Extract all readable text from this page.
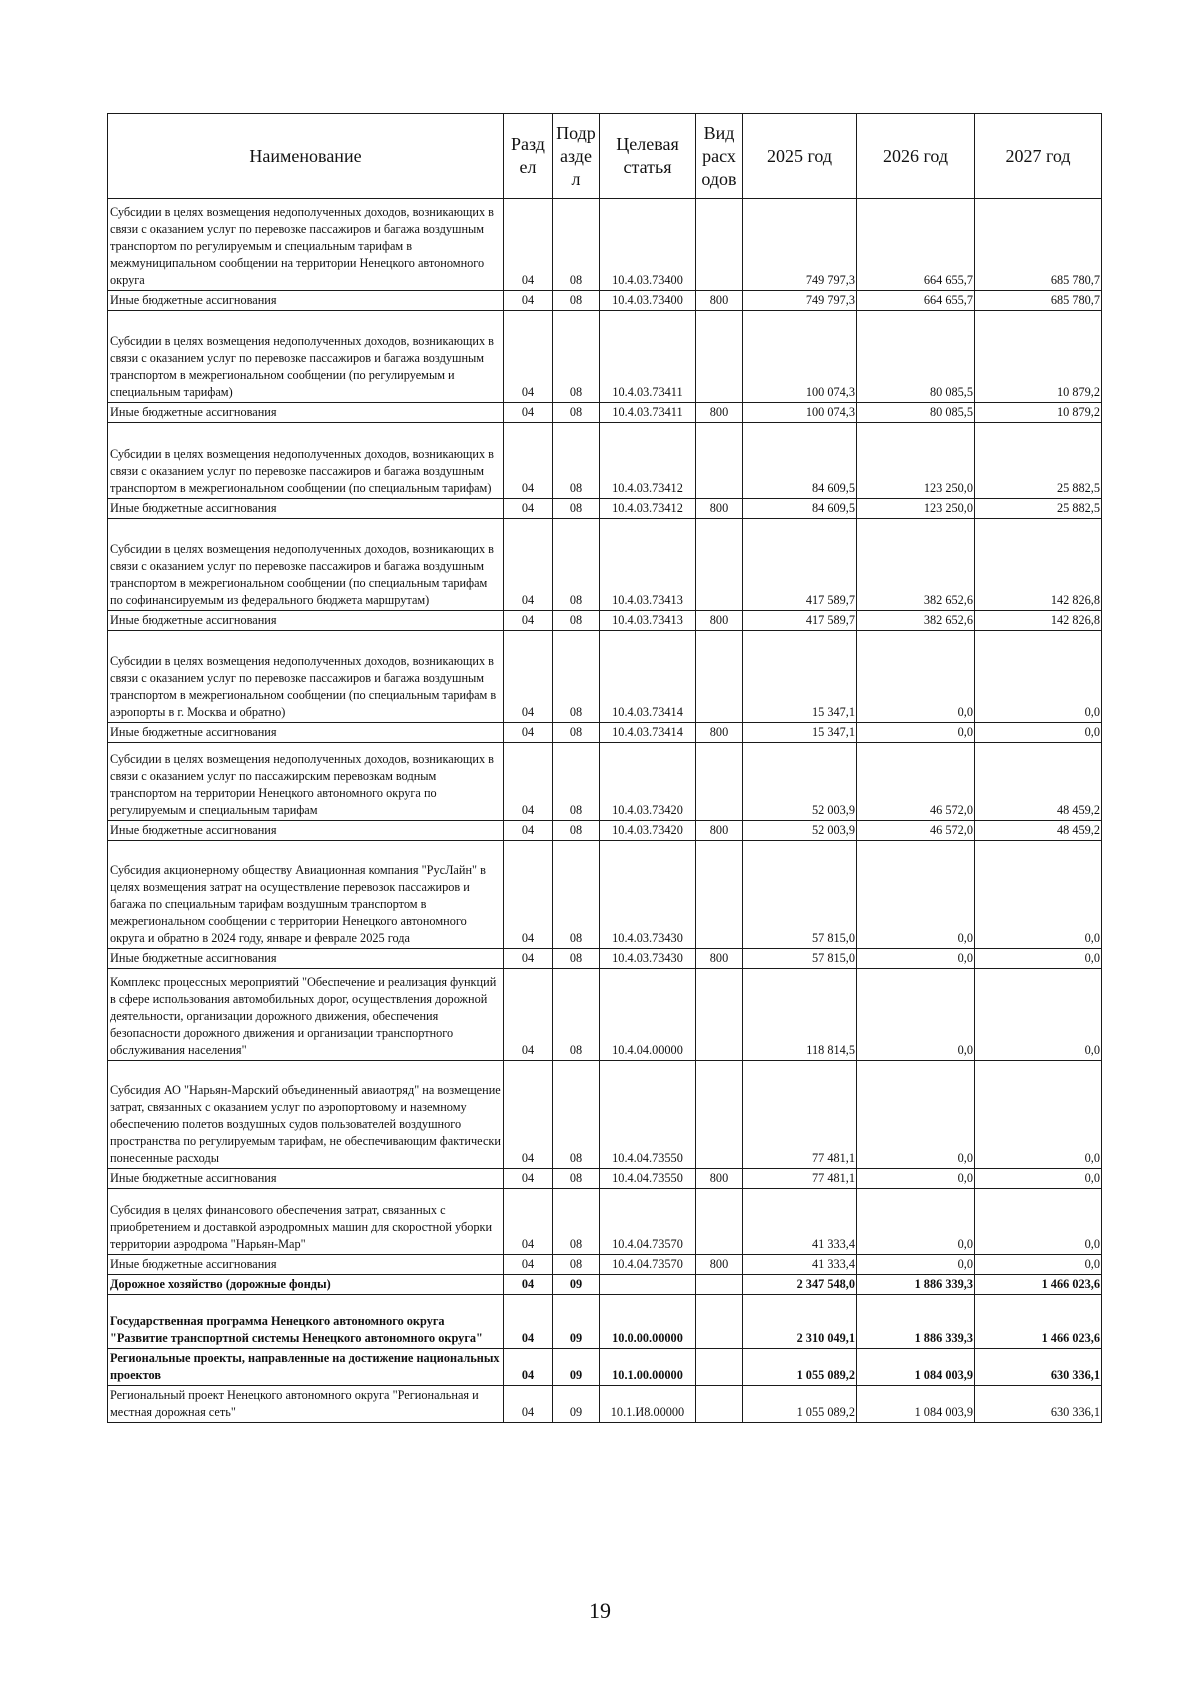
Наименование	Разд ел	Подр азде л	Целевая статья	Вид расх одов	2025 год	2026 год	2027 год
Субсидии в целях возмещения недополученных доходов, возникающих в связи с оказанием услуг по перевозке пассажиров и багажа воздушным транспортом по регулируемым и специальным тарифам в межмуниципальном сообщении на территории Ненецкого автономного округа	04	08	10.4.03.73400		749 797,3	664 655,7	685 780,7
Иные бюджетные ассигнования	04	08	10.4.03.73400	800	749 797,3	664 655,7	685 780,7
Субсидии в целях возмещения недополученных доходов, возникающих в связи с оказанием услуг по перевозке пассажиров и багажа воздушным транспортом в межрегиональном сообщении (по регулируемым и специальным тарифам)	04	08	10.4.03.73411		100 074,3	80 085,5	10 879,2
Иные бюджетные ассигнования	04	08	10.4.03.73411	800	100 074,3	80 085,5	10 879,2
Субсидии в целях возмещения недополученных доходов, возникающих в связи с оказанием услуг по перевозке пассажиров и багажа воздушным транспортом в межрегиональном сообщении (по специальным тарифам)	04	08	10.4.03.73412		84 609,5	123 250,0	25 882,5
Иные бюджетные ассигнования	04	08	10.4.03.73412	800	84 609,5	123 250,0	25 882,5
Субсидии в целях возмещения недополученных доходов, возникающих в связи с оказанием услуг по перевозке пассажиров и багажа воздушным транспортом в межрегиональном сообщении (по специальным тарифам по софинансируемым из федерального бюджета маршрутам)	04	08	10.4.03.73413		417 589,7	382 652,6	142 826,8
Иные бюджетные ассигнования	04	08	10.4.03.73413	800	417 589,7	382 652,6	142 826,8
Субсидии в целях возмещения недополученных доходов, возникающих в связи с оказанием услуг по перевозке пассажиров и багажа воздушным транспортом в межрегиональном сообщении (по специальным тарифам в аэропорты в г. Москва и обратно)	04	08	10.4.03.73414		15 347,1	0,0	0,0
Иные бюджетные ассигнования	04	08	10.4.03.73414	800	15 347,1	0,0	0,0
Субсидии в целях возмещения недополученных доходов, возникающих в связи с оказанием услуг по пассажирским перевозкам водным транспортом на территории Ненецкого автономного округа по регулируемым и специальным тарифам	04	08	10.4.03.73420		52 003,9	46 572,0	48 459,2
Иные бюджетные ассигнования	04	08	10.4.03.73420	800	52 003,9	46 572,0	48 459,2
Субсидия акционерному обществу Авиационная компания "РусЛайн" в целях возмещения затрат на осуществление перевозок пассажиров и багажа по специальным тарифам воздушным транспортом в межрегиональном сообщении с территории Ненецкого автономного округа и обратно в 2024 году, январе и феврале 2025 года	04	08	10.4.03.73430		57 815,0	0,0	0,0
Иные бюджетные ассигнования	04	08	10.4.03.73430	800	57 815,0	0,0	0,0
Комплекс процессных мероприятий "Обеспечение и реализация функций в сфере использования автомобильных дорог, осуществления дорожной деятельности, организации дорожного движения, обеспечения безопасности дорожного движения и организации транспортного обслуживания населения"	04	08	10.4.04.00000		118 814,5	0,0	0,0
Субсидия АО "Нарьян-Марский объединенный авиаотряд" на возмещение затрат, связанных с оказанием услуг по аэропортовому и наземному обеспечению полетов воздушных судов пользователей воздушного пространства по регулируемым тарифам, не обеспечивающим фактически понесенные расходы	04	08	10.4.04.73550		77 481,1	0,0	0,0
Иные бюджетные ассигнования	04	08	10.4.04.73550	800	77 481,1	0,0	0,0
Субсидия в целях финансового обеспечения затрат, связанных с приобретением и доставкой аэродромных машин для скоростной уборки территории аэродрома "Нарьян-Мар"	04	08	10.4.04.73570		41 333,4	0,0	0,0
Иные бюджетные ассигнования	04	08	10.4.04.73570	800	41 333,4	0,0	0,0
Дорожное хозяйство (дорожные фонды)	04	09			2 347 548,0	1 886 339,3	1 466 023,6
Государственная программа Ненецкого автономного округа "Развитие транспортной системы Ненецкого автономного округа"	04	09	10.0.00.00000		2 310 049,1	1 886 339,3	1 466 023,6
Региональные проекты, направленные на достижение национальных проектов	04	09	10.1.00.00000		1 055 089,2	1 084 003,9	630 336,1
Региональный проект Ненецкого автономного округа "Региональная и местная дорожная сеть"	04	09	10.1.И8.00000		1 055 089,2	1 084 003,9	630 336,1
19
